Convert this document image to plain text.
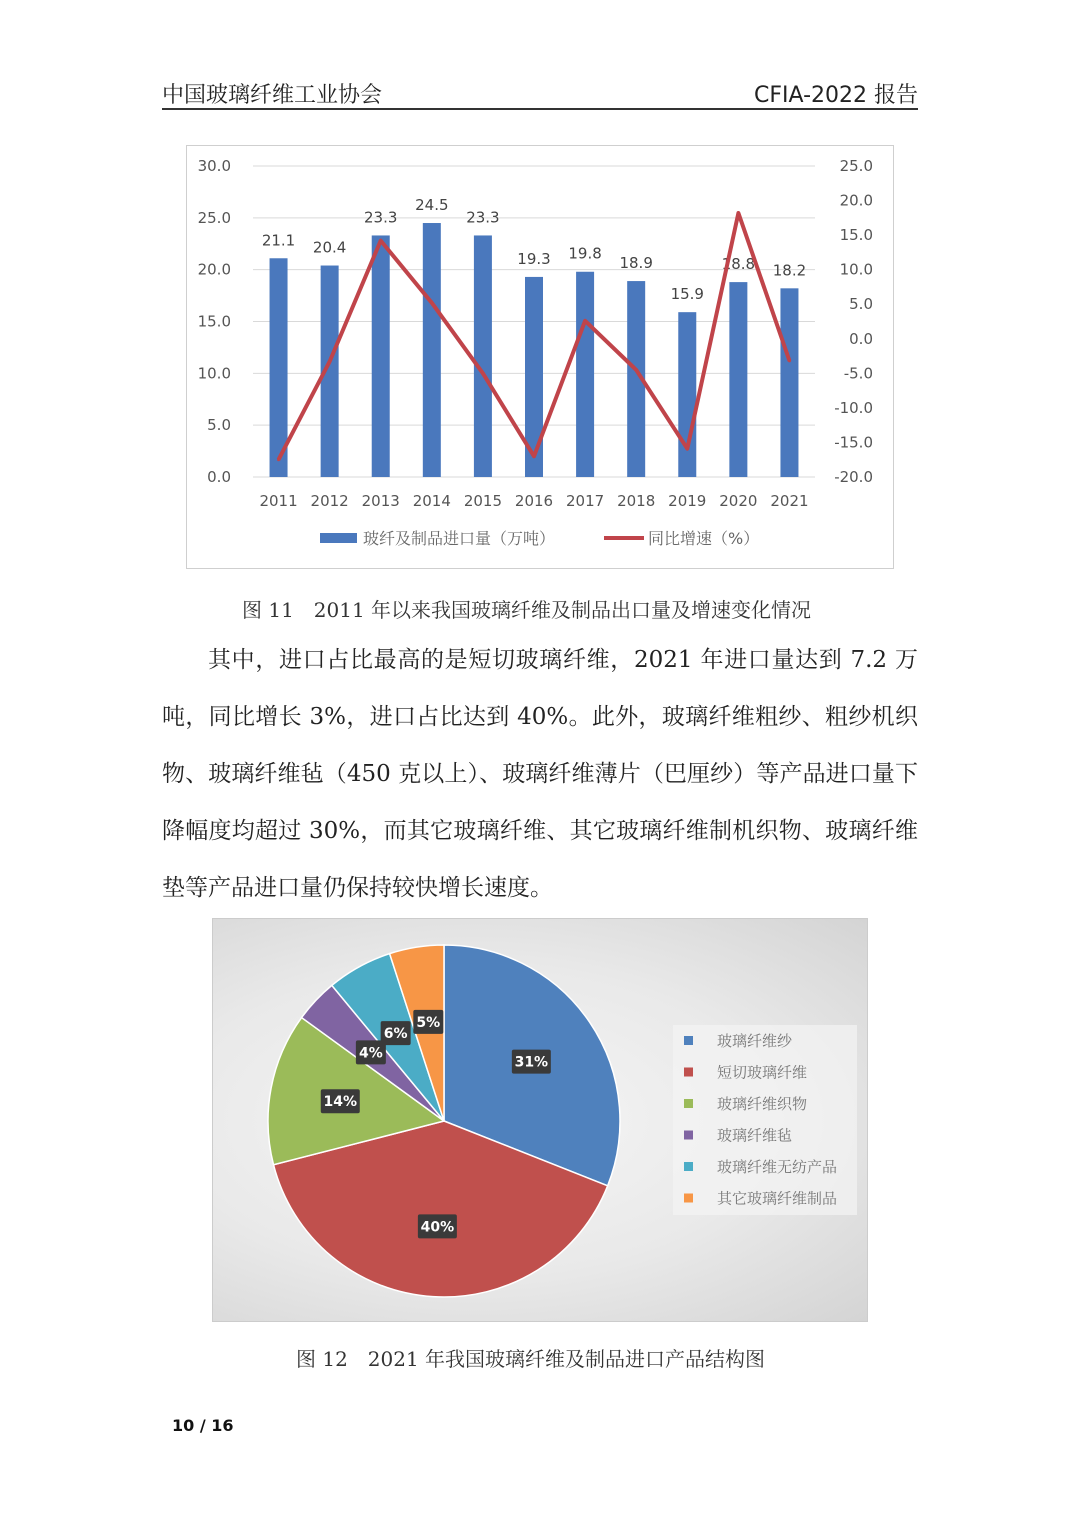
中国玻璃纤维工业协会	CFIA-2022 报告
0.0
5.0
10.0
15.0
20.0
25.0
30.0
-20.0
-15.0
-10.0
-5.0
0.0
5.0
10.0
15.0
20.0
25.0
21.1
2011
20.4
2012
23.3
2013
24.5
2014
23.3
2015
19.3
2016
19.8
2017
18.9
2018
15.9
2019
18.8
2020
18.2
2021
玻纤及制品进口量（万吨）	同比增速（%）
图 11　2011 年以来我国玻璃纤维及制品出口量及增速变化情况

其中，进口占比最高的是短切玻璃纤维，2021 年进口量达到 7.2 万吨，同比增长 3%，进口占比达到 40%。此外，玻璃纤维粗纱、粗纱机织物、玻璃纤维毡（450 克以上）、玻璃纤维薄片（巴厘纱）等产品进口量下降幅度均超过 30%，而其它玻璃纤维、其它玻璃纤维制机织物、玻璃纤维垫等产品进口量仍保持较快增长速度。

31%
40%
14%
4%
6%
5%
玻璃纤维纱
短切玻璃纤维
玻璃纤维织物
玻璃纤维毡
玻璃纤维无纺产品
其它玻璃纤维制品
图 12　2021 年我国玻璃纤维及制品进口产品结构图
10 / 16
